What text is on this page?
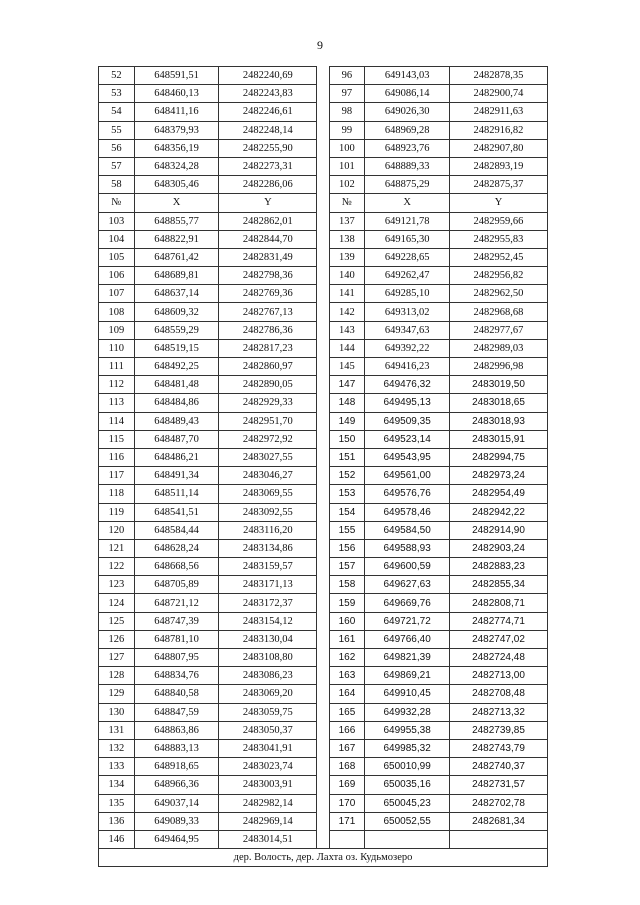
9
52	648591,51	2482240,69		96	649143,03	2482878,35
53	648460,13	2482243,83		97	649086,14	2482900,74
54	648411,16	2482246,61		98	649026,30	2482911,63
55	648379,93	2482248,14		99	648969,28	2482916,82
56	648356,19	2482255,90		100	648923,76	2482907,80
57	648324,28	2482273,31		101	648889,33	2482893,19
58	648305,46	2482286,06		102	648875,29	2482875,37
№	X	Y		№	X	Y
103	648855,77	2482862,01		137	649121,78	2482959,66
104	648822,91	2482844,70		138	649165,30	2482955,83
105	648761,42	2482831,49		139	649228,65	2482952,45
106	648689,81	2482798,36		140	649262,47	2482956,82
107	648637,14	2482769,36		141	649285,10	2482962,50
108	648609,32	2482767,13		142	649313,02	2482968,68
109	648559,29	2482786,36		143	649347,63	2482977,67
110	648519,15	2482817,23		144	649392,22	2482989,03
111	648492,25	2482860,97		145	649416,23	2482996,98
112	648481,48	2482890,05		147	649476,32	2483019,50
113	648484,86	2482929,33		148	649495,13	2483018,65
114	648489,43	2482951,70		149	649509,35	2483018,93
115	648487,70	2482972,92		150	649523,14	2483015,91
116	648486,21	2483027,55		151	649543,95	2482994,75
117	648491,34	2483046,27		152	649561,00	2482973,24
118	648511,14	2483069,55		153	649576,76	2482954,49
119	648541,51	2483092,55		154	649578,46	2482942,22
120	648584,44	2483116,20		155	649584,50	2482914,90
121	648628,24	2483134,86		156	649588,93	2482903,24
122	648668,56	2483159,57		157	649600,59	2482883,23
123	648705,89	2483171,13		158	649627,63	2482855,34
124	648721,12	2483172,37		159	649669,76	2482808,71
125	648747,39	2483154,12		160	649721,72	2482774,71
126	648781,10	2483130,04		161	649766,40	2482747,02
127	648807,95	2483108,80		162	649821,39	2482724,48
128	648834,76	2483086,23		163	649869,21	2482713,00
129	648840,58	2483069,20		164	649910,45	2482708,48
130	648847,59	2483059,75		165	649932,28	2482713,32
131	648863,86	2483050,37		166	649955,38	2482739,85
132	648883,13	2483041,91		167	649985,32	2482743,79
133	648918,65	2483023,74		168	650010,99	2482740,37
134	648966,36	2483003,91		169	650035,16	2482731,57
135	649037,14	2482982,14		170	650045,23	2482702,78
136	649089,33	2482969,14		171	650052,55	2482681,34
146	649464,95	2483014,51				
дер. Волость, дер. Лахта оз. Кудьмозеро						
